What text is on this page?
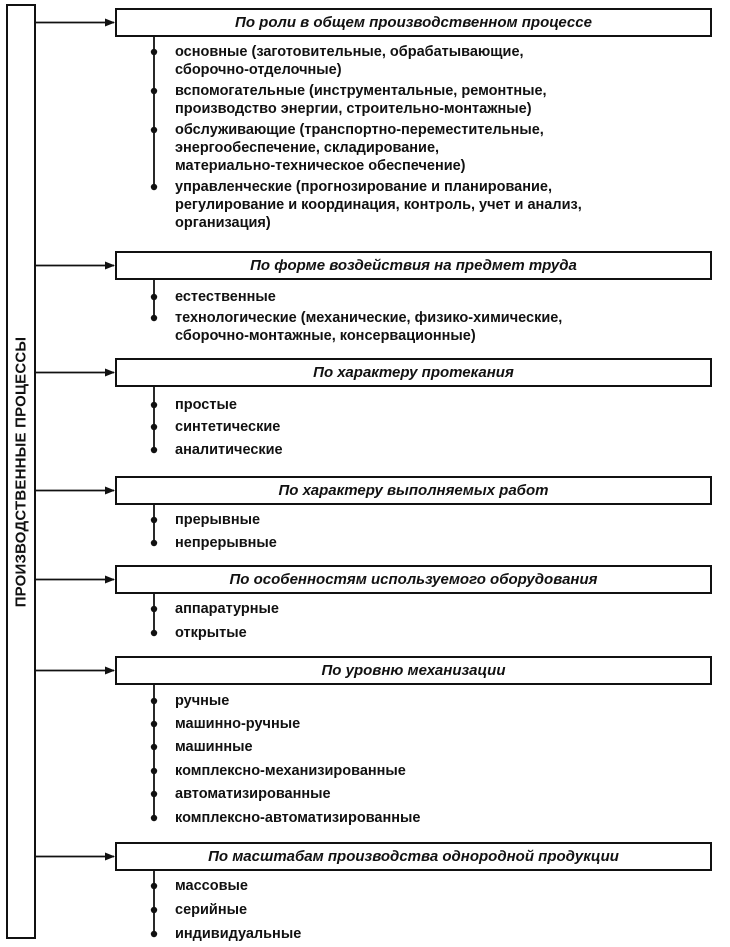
ПРОИЗВОДСТВЕННЫЕ ПРОЦЕССЫ
По роли в общем производственном процессе
основные (заготовительные, обрабатывающие,
сборочно-отделочные)
вспомогательные (инструментальные, ремонтные,
производство энергии, строительно-монтажные)
обслуживающие (транспортно-переместительные,
энергообеспечение, складирование,
материально-техническое обеспечение)
управленческие (прогнозирование и планирование,
регулирование и координация, контроль, учет и анализ,
организация)
По форме воздействия на предмет труда
естественные
технологические (механические, физико-химические,
сборочно-монтажные, консервационные)
По характеру протекания
простые
синтетические
аналитические
По характеру выполняемых работ
прерывные
непрерывные
По особенностям используемого оборудования
аппаратурные
открытые
По уровню механизации
ручные
машинно-ручные
машинные
комплексно-механизированные
автоматизированные
комплексно-автоматизированные
По масштабам производства однородной продукции
массовые
серийные
индивидуальные
